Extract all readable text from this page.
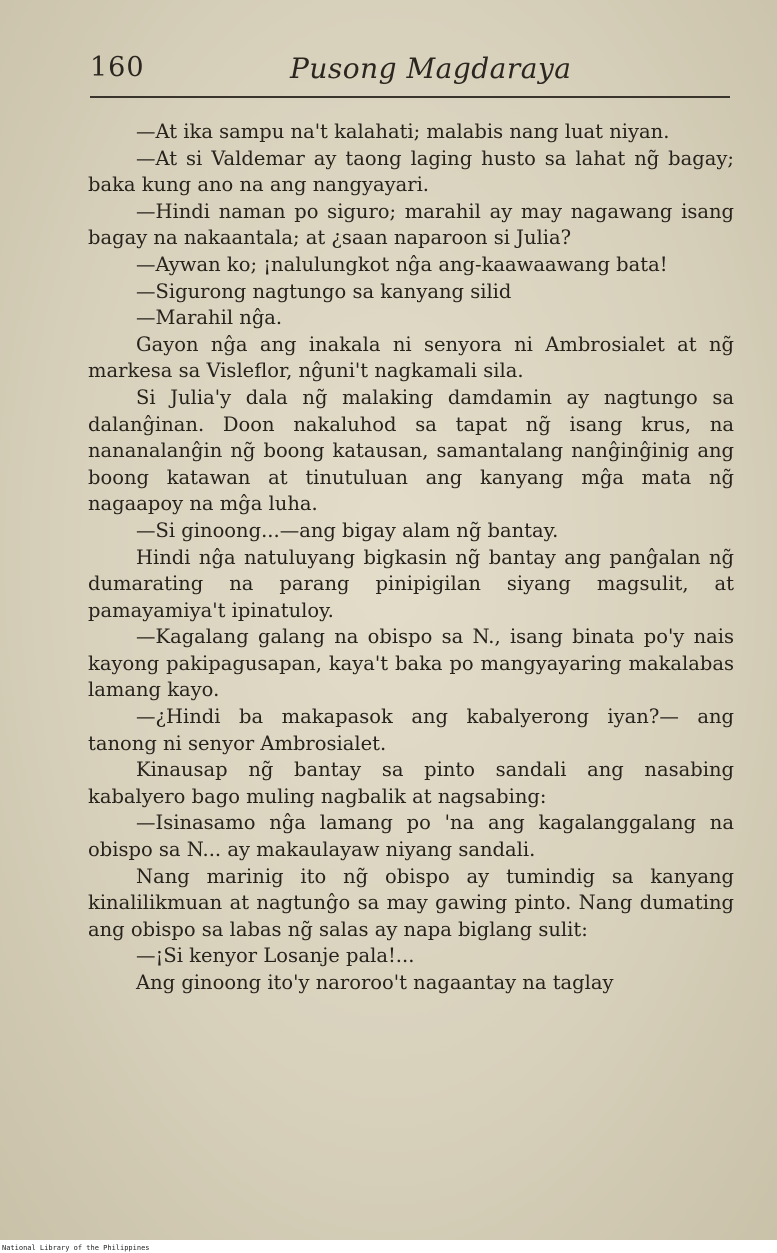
160	Pusong Magdaraya

—At ika sampu na't kalahati; malabis nang luat niyan.

—At si Valdemar ay taong laging husto sa lahat ng̃ bagay; baka kung ano na ang nangyayari.

—Hindi naman po siguro; marahil ay may nagawang isang bagay na nakaantala; at ¿saan naparoon si Julia?

—Aywan ko; ¡nalulungkot nĝa ang-kaawaawang bata!

—Sigurong nagtungo sa kanyang silid

—Marahil nĝa.

Gayon nĝa ang inakala ni senyora ni Ambrosialet at ng̃ markesa sa Visleflor, nĝuni't nagkamali sila.

Si Julia'y dala ng̃ malaking damdamin ay nagtungo sa dalanĝinan. Doon nakaluhod sa tapat ng̃ isang krus, na nananalanĝin ng̃ boong katausan, samantalang nanĝinĝinig ang boong katawan at tinutuluan ang kanyang mĝa mata ng̃ nagaapoy na mĝa luha.

—Si ginoong...—ang bigay alam ng̃ bantay.

Hindi nĝa natuluyang bigkasin ng̃ bantay ang panĝalan ng̃ dumarating na parang pinipigilan siyang magsulit, at pamayamiya't ipinatuloy.

—Kagalang galang na obispo sa N., isang binata po'y nais kayong pakipagusapan, kaya't baka po mangyayaring makalabas lamang kayo.

—¿Hindi ba makapasok ang kabalyerong iyan?— ang tanong ni senyor Ambrosialet.

Kinausap ng̃ bantay sa pinto sandali ang nasabing kabalyero bago muling nagbalik at nagsabing:

—Isinasamo nĝa lamang po 'na ang kagalanggalang na obispo sa N... ay makaulayaw niyang sandali.

Nang marinig ito ng̃ obispo ay tumindig sa kanyang kinalilikmuan at nagtunĝo sa may gawing pinto. Nang dumating ang obispo sa labas ng̃ salas ay napa biglang sulit:

—¡Si kenyor Losanje pala!...

Ang ginoong ito'y naroroo't nagaantay na taglay

National Library of the Philippines
